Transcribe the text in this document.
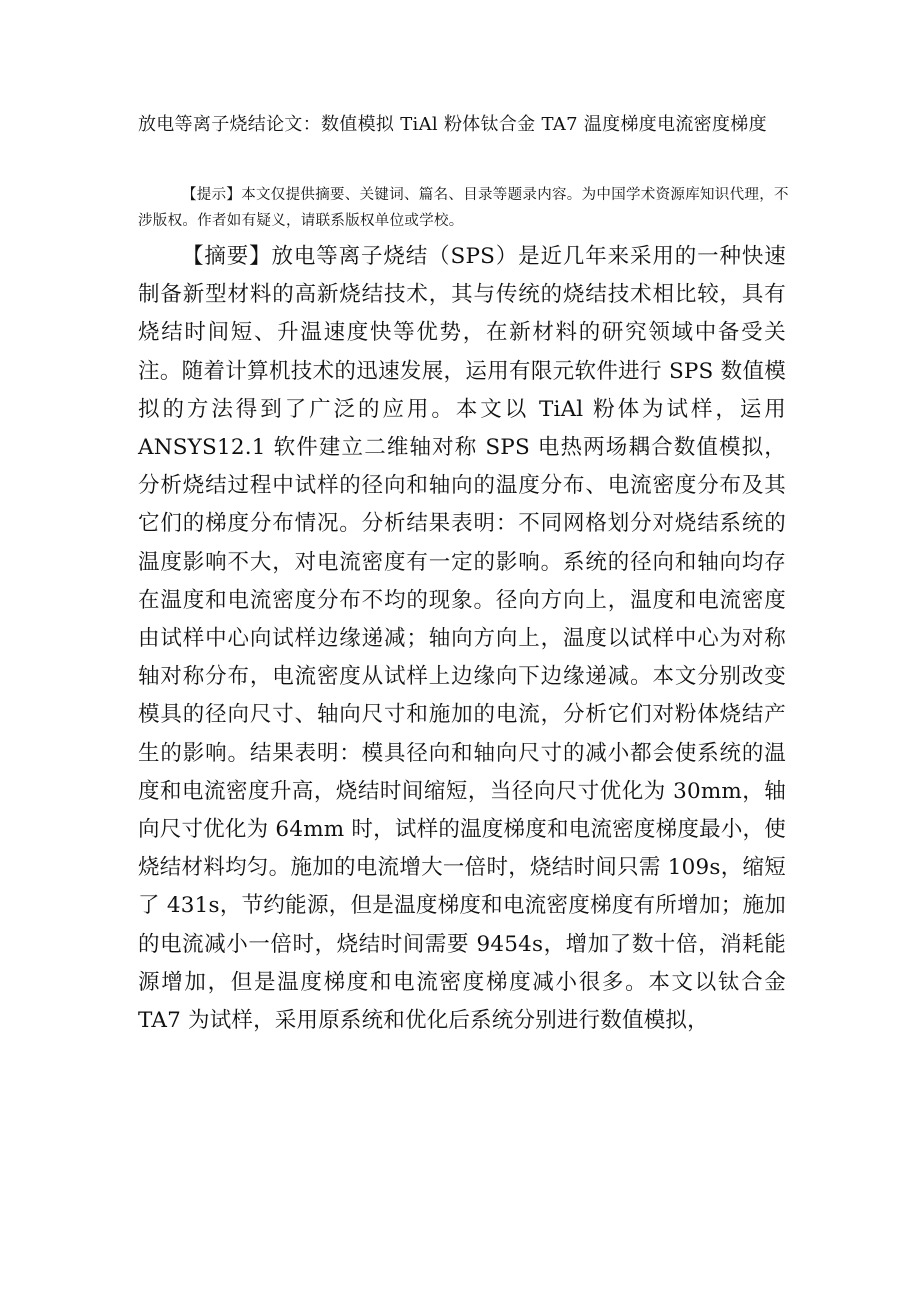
放电等离子烧结论文：数值模拟 TiAl 粉体钛合金 TA7 温度梯度电流密度梯度
【提示】本文仅提供摘要、关键词、篇名、目录等题录内容。为中国学术资源库知识代理，不涉版权。作者如有疑义，请联系版权单位或学校。
【摘要】放电等离子烧结（SPS）是近几年来采用的一种快速制备新型材料的高新烧结技术，其与传统的烧结技术相比较，具有烧结时间短、升温速度快等优势，在新材料的研究领域中备受关注。随着计算机技术的迅速发展，运用有限元软件进行 SPS 数值模拟的方法得到了广泛的应用。本文以 TiAl 粉体为试样，运用 ANSYS12.1 软件建立二维轴对称 SPS 电热两场耦合数值模拟，分析烧结过程中试样的径向和轴向的温度分布、电流密度分布及其它们的梯度分布情况。分析结果表明：不同网格划分对烧结系统的温度影响不大，对电流密度有一定的影响。系统的径向和轴向均存在温度和电流密度分布不均的现象。径向方向上，温度和电流密度由试样中心向试样边缘递减；轴向方向上，温度以试样中心为对称轴对称分布，电流密度从试样上边缘向下边缘递减。本文分别改变模具的径向尺寸、轴向尺寸和施加的电流，分析它们对粉体烧结产生的影响。结果表明：模具径向和轴向尺寸的减小都会使系统的温度和电流密度升高，烧结时间缩短，当径向尺寸优化为 30mm，轴向尺寸优化为 64mm 时，试样的温度梯度和电流密度梯度最小，使烧结材料均匀。施加的电流增大一倍时，烧结时间只需 109s，缩短了 431s，节约能源，但是温度梯度和电流密度梯度有所增加；施加的电流减小一倍时，烧结时间需要 9454s，增加了数十倍，消耗能源增加，但是温度梯度和电流密度梯度减小很多。本文以钛合金 TA7 为试样，采用原系统和优化后系统分别进行数值模拟，
